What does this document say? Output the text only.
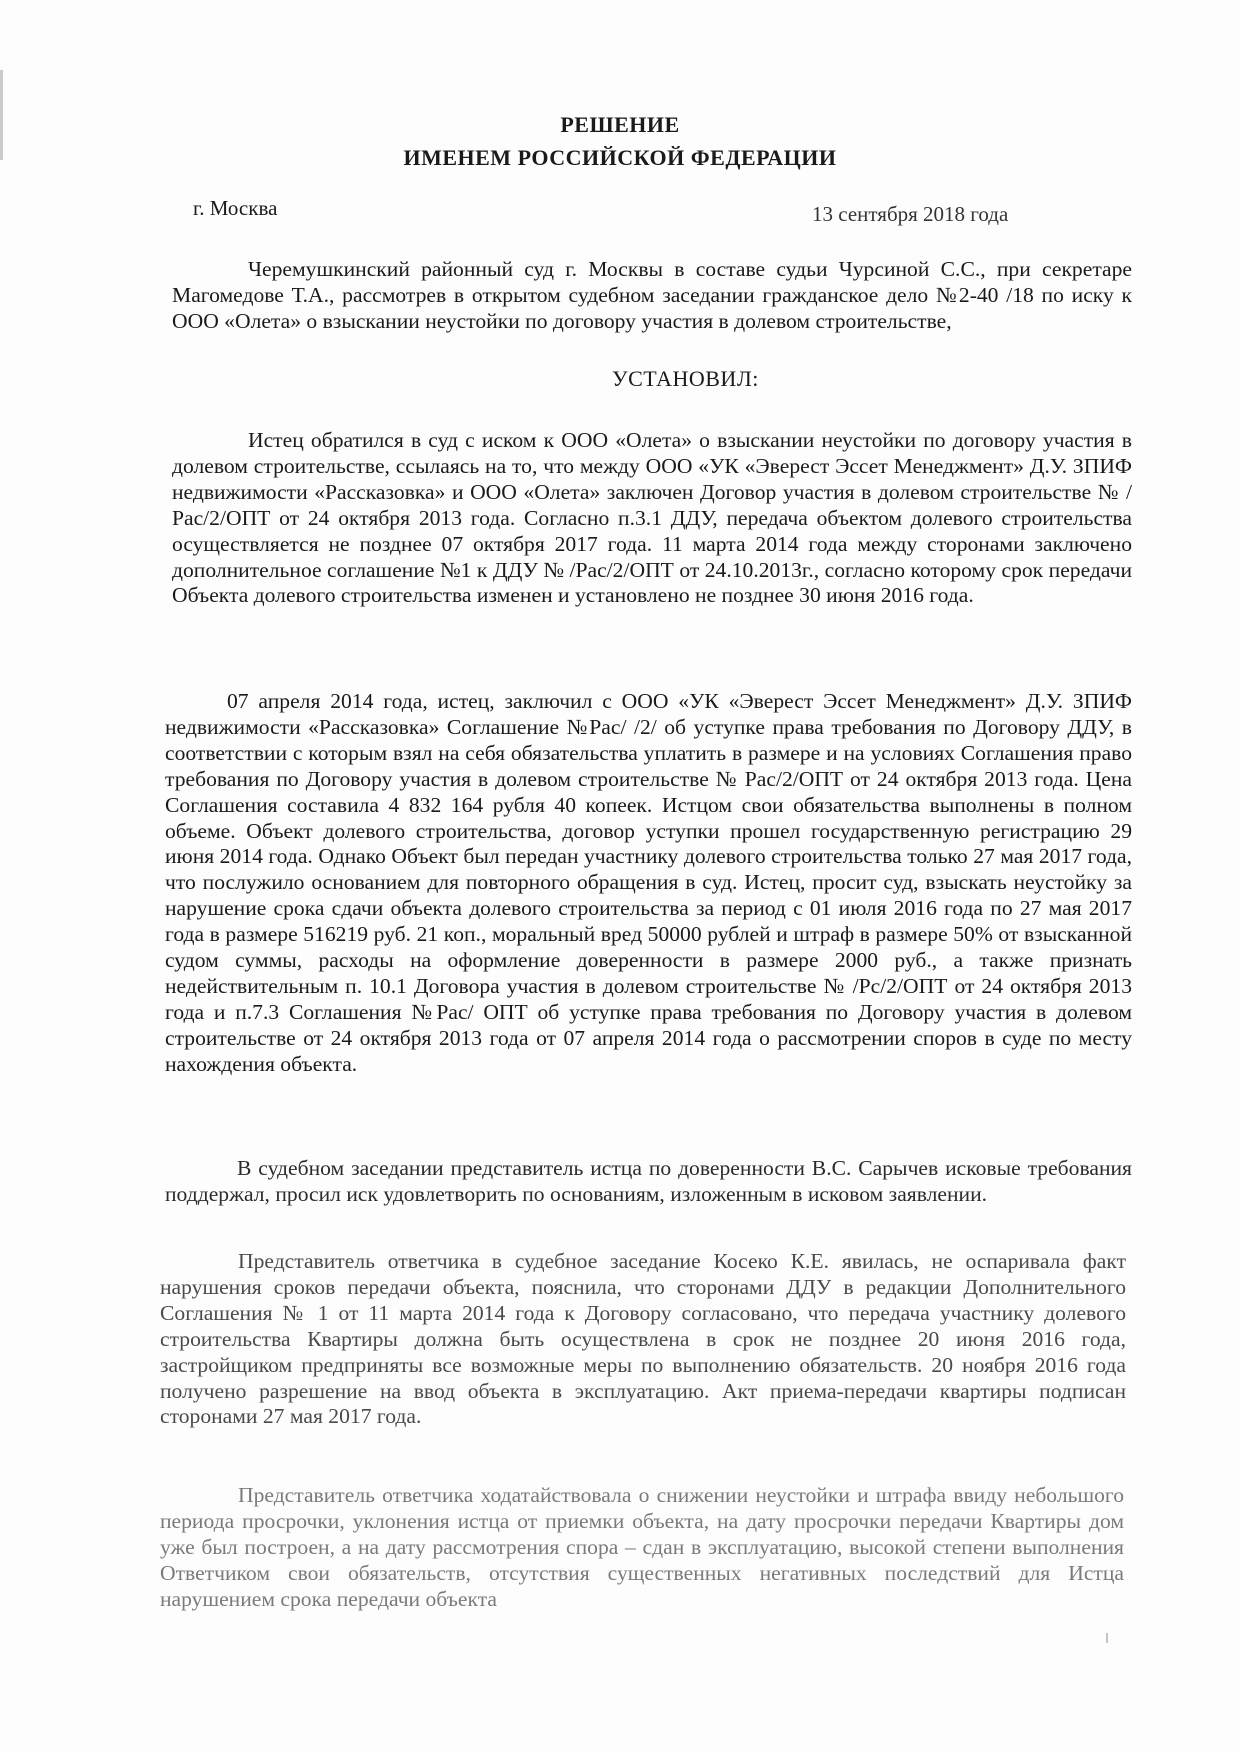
РЕШЕНИЕ
ИМЕНЕМ РОССИЙСКОЙ ФЕДЕРАЦИИ
г. Москва	13 сентября 2018 года

Черемушкинский районный суд г. Москвы в составе судьи Чурсиной С.С., при секретаре Магомедове Т.А., рассмотрев в открытом судебном заседании гражданское дело №2-40 /18 по иску к ООО «Олета» о взыскании неустойки по договору участия в долевом строительстве,

УСТАНОВИЛ:

Истец обратился в суд с иском к ООО «Олета» о взыскании неустойки по договору участия в долевом строительстве, ссылаясь на то, что между ООО «УК «Эверест Эссет Менеджмент» Д.У. ЗПИФ недвижимости «Рассказовка» и ООО «Олета» заключен Договор участия в долевом строительстве № /Рас/2/ОПТ от 24 октября 2013 года. Согласно п.3.1 ДДУ, передача объектом долевого строительства осуществляется не позднее 07 октября 2017 года. 11 марта 2014 года между сторонами заключено дополнительное соглашение №1 к ДДУ № /Рас/2/ОПТ от 24.10.2013г., согласно которому срок передачи Объекта долевого строительства изменен и установлено не позднее 30 июня 2016 года.

07 апреля 2014 года, истец, заключил с ООО «УК «Эверест Эссет Менеджмент» Д.У. ЗПИФ недвижимости «Рассказовка» Соглашение №Рас/ /2/ об уступке права требования по Договору ДДУ, в соответствии с которым взял на себя обязательства уплатить в размере и на условиях Соглашения право требования по Договору участия в долевом строительстве № Рас/2/ОПТ от 24 октября 2013 года. Цена Соглашения составила 4 832 164 рубля 40 копеек. Истцом свои обязательства выполнены в полном объеме. Объект долевого строительства, договор уступки прошел государственную регистрацию 29 июня 2014 года. Однако Объект был передан участнику долевого строительства только 27 мая 2017 года, что послужило основанием для повторного обращения в суд. Истец, просит суд, взыскать неустойку за нарушение срока сдачи объекта долевого строительства за период с 01 июля 2016 года по 27 мая 2017 года в размере 516219 руб. 21 коп., моральный вред 50000 рублей и штраф в размере 50% от взысканной судом суммы, расходы на оформление доверенности в размере 2000 руб., а также признать недействительным п. 10.1 Договора участия в долевом строительстве № /Рс/2/ОПТ от 24 октября 2013 года и п.7.3 Соглашения №Рас/ ОПТ об уступке права требования по Договору участия в долевом строительстве от 24 октября 2013 года от 07 апреля 2014 года о рассмотрении споров в суде по месту нахождения объекта.

В судебном заседании представитель истца по доверенности В.С. Сарычев исковые требования поддержал, просил иск удовлетворить по основаниям, изложенным в исковом заявлении.

Представитель ответчика в судебное заседание Косеко К.Е. явилась, не оспаривала факт нарушения сроков передачи объекта, пояснила, что сторонами ДДУ в редакции Дополнительного Соглашения № 1 от 11 марта 2014 года к Договору согласовано, что передача участнику долевого строительства Квартиры должна быть осуществлена в срок не позднее 20 июня 2016 года, застройщиком предприняты все возможные меры по выполнению обязательств. 20 ноября 2016 года получено разрешение на ввод объекта в эксплуатацию. Акт приема-передачи квартиры подписан сторонами 27 мая 2017 года.

Представитель ответчика ходатайствовала о снижении неустойки и штрафа ввиду небольшого периода просрочки, уклонения истца от приемки объекта, на дату просрочки передачи Квартиры дом уже был построен, а на дату рассмотрения спора – сдан в эксплуатацию, высокой степени выполнения Ответчиком свои обязательств, отсутствия существенных негативных последствий для Истца нарушением срока передачи объекта
